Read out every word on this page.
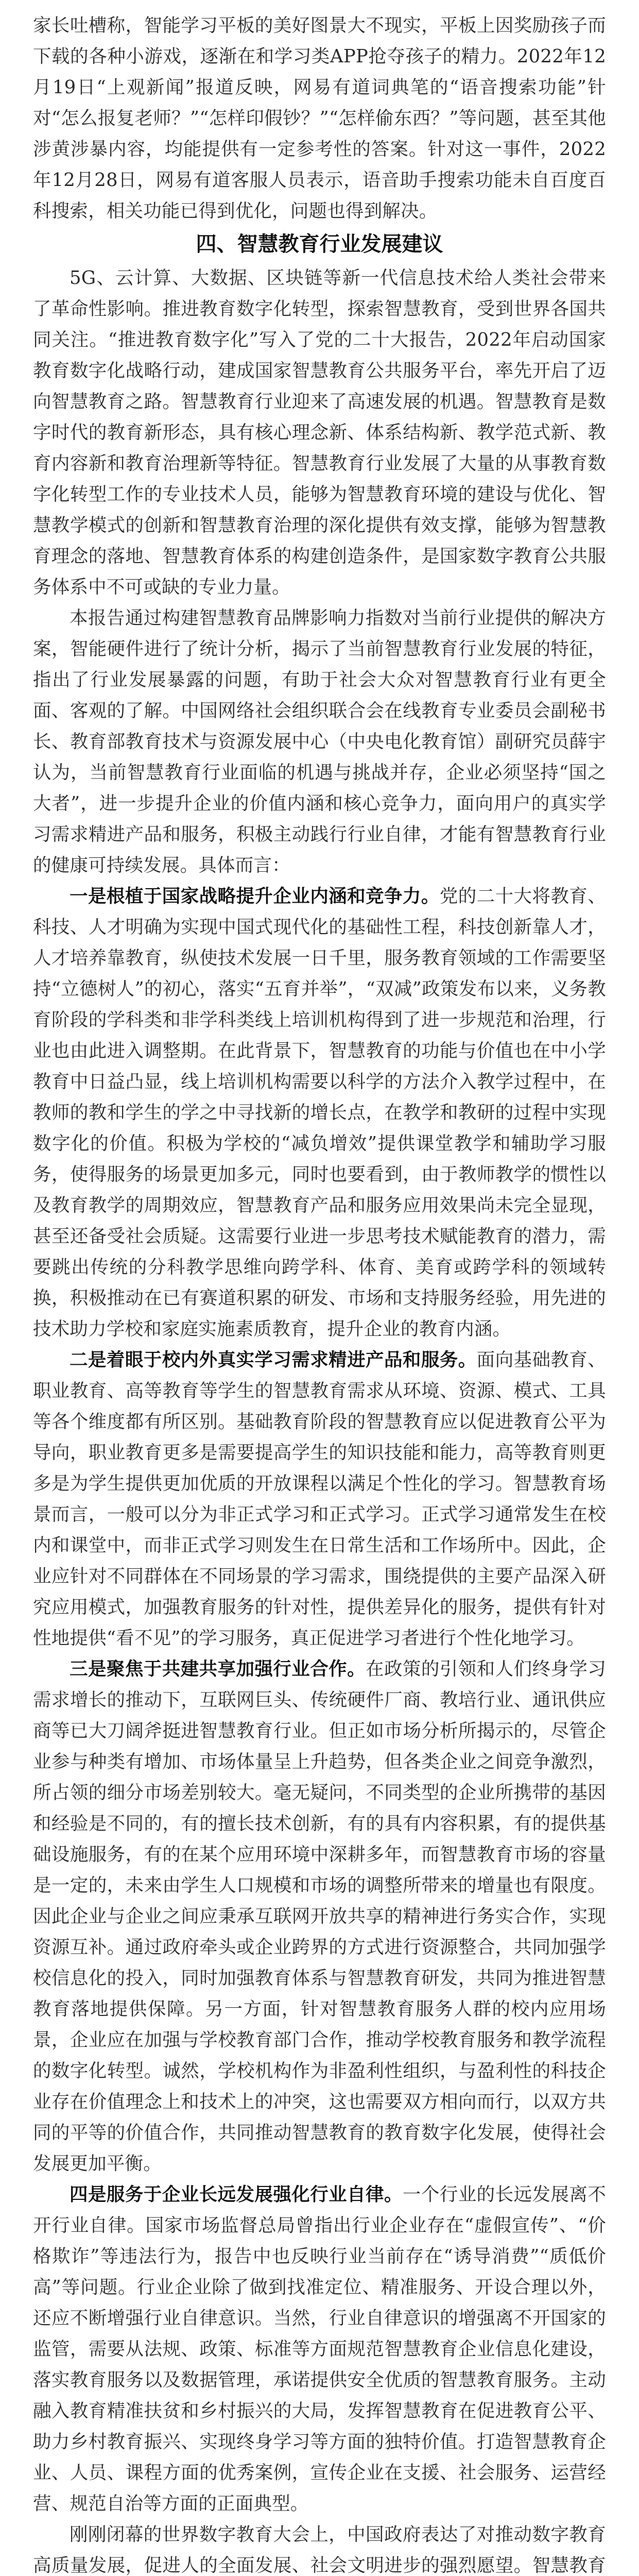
家长吐槽称，智能学习平板的美好图景大不现实，平板上因奖励孩子而下载的各种小游戏，逐渐在和学习类APP抢夺孩子的精力。2022年12月19日“上观新闻”报道反映，网易有道词典笔的“语音搜索功能”针对“怎么报复老师？”“怎样印假钞？”“怎样偷东西？”等问题，甚至其他涉黄涉暴内容，均能提供有一定参考性的答案。针对这一事件，2022年12月28日，网易有道客服人员表示，语音助手搜索功能未自百度百科搜索，相关功能已得到优化，问题也得到解决。

四、智慧教育行业发展建议

5G、云计算、大数据、区块链等新一代信息技术给人类社会带来了革命性影响。推进教育数字化转型，探索智慧教育，受到世界各国共同关注。“推进教育数字化”写入了党的二十大报告，2022年启动国家教育数字化战略行动，建成国家智慧教育公共服务平台，率先开启了迈向智慧教育之路。智慧教育行业迎来了高速发展的机遇。智慧教育是数字时代的教育新形态，具有核心理念新、体系结构新、教学范式新、教育内容新和教育治理新等特征。智慧教育行业发展了大量的从事教育数字化转型工作的专业技术人员，能够为智慧教育环境的建设与优化、智慧教学模式的创新和智慧教育治理的深化提供有效支撑，能够为智慧教育理念的落地、智慧教育体系的构建创造条件，是国家数字教育公共服务体系中不可或缺的专业力量。

本报告通过构建智慧教育品牌影响力指数对当前行业提供的解决方案，智能硬件进行了统计分析，揭示了当前智慧教育行业发展的特征，指出了行业发展暴露的问题，有助于社会大众对智慧教育行业有更全面、客观的了解。中国网络社会组织联合会在线教育专业委员会副秘书长、教育部教育技术与资源发展中心（中央电化教育馆）副研究员薛宇认为，当前智慧教育行业面临的机遇与挑战并存，企业必须坚持“国之大者”，进一步提升企业的价值内涵和核心竞争力，面向用户的真实学习需求精进产品和服务，积极主动践行行业自律，才能有智慧教育行业的健康可持续发展。具体而言：

一是根植于国家战略提升企业内涵和竞争力。党的二十大将教育、科技、人才明确为实现中国式现代化的基础性工程，科技创新靠人才，人才培养靠教育，纵使技术发展一日千里，服务教育领域的工作需要坚持“立德树人”的初心，落实“五育并举”，“双减”政策发布以来，义务教育阶段的学科类和非学科类线上培训机构得到了进一步规范和治理，行业也由此进入调整期。在此背景下，智慧教育的功能与价值也在中小学教育中日益凸显，线上培训机构需要以科学的方法介入教学过程中，在教师的教和学生的学之中寻找新的增长点，在教学和教研的过程中实现数字化的价值。积极为学校的“减负增效”提供课堂教学和辅助学习服务，使得服务的场景更加多元，同时也要看到，由于教师教学的惯性以及教育教学的周期效应，智慧教育产品和服务应用效果尚未完全显现，甚至还备受社会质疑。这需要行业进一步思考技术赋能教育的潜力，需要跳出传统的分科教学思维向跨学科、体育、美育或跨学科的领域转换，积极推动在已有赛道积累的研发、市场和支持服务经验，用先进的技术助力学校和家庭实施素质教育，提升企业的教育内涵。

二是着眼于校内外真实学习需求精进产品和服务。面向基础教育、职业教育、高等教育等学生的智慧教育需求从环境、资源、模式、工具等各个维度都有所区别。基础教育阶段的智慧教育应以促进教育公平为导向，职业教育更多是需要提高学生的知识技能和能力，高等教育则更多是为学生提供更加优质的开放课程以满足个性化的学习。智慧教育场景而言，一般可以分为非正式学习和正式学习。正式学习通常发生在校内和课堂中，而非正式学习则发生在日常生活和工作场所中。因此，企业应针对不同群体在不同场景的学习需求，围绕提供的主要产品深入研究应用模式，加强教育服务的针对性，提供差异化的服务，提供有针对性地提供“看不见”的学习服务，真正促进学习者进行个性化地学习。

三是聚焦于共建共享加强行业合作。在政策的引领和人们终身学习需求增长的推动下，互联网巨头、传统硬件厂商、教培行业、通讯供应商等已大刀阔斧挺进智慧教育行业。但正如市场分析所揭示的，尽管企业参与种类有增加、市场体量呈上升趋势，但各类企业之间竞争激烈，所占领的细分市场差别较大。毫无疑问，不同类型的企业所携带的基因和经验是不同的，有的擅长技术创新，有的具有内容积累，有的提供基础设施服务，有的在某个应用环境中深耕多年，而智慧教育市场的容量是一定的，未来由学生人口规模和市场的调整所带来的增量也有限度。因此企业与企业之间应秉承互联网开放共享的精神进行务实合作，实现资源互补。通过政府牵头或企业跨界的方式进行资源整合，共同加强学校信息化的投入，同时加强教育体系与智慧教育研发，共同为推进智慧教育落地提供保障。另一方面，针对智慧教育服务人群的校内应用场景，企业应在加强与学校教育部门合作，推动学校教育服务和教学流程的数字化转型。诚然，学校机构作为非盈利性组织，与盈利性的科技企业存在价值理念上和技术上的冲突，这也需要双方相向而行，以双方共同的平等的价值合作，共同推动智慧教育的教育数字化发展，使得社会发展更加平衡。

四是服务于企业长远发展强化行业自律。一个行业的长远发展离不开行业自律。国家市场监督总局曾指出行业企业存在“虚假宣传”、“价格欺诈”等违法行为，报告中也反映行业当前存在“诱导消费”“质低价高”等问题。行业企业除了做到找准定位、精准服务、开设合理以外，还应不断增强行业自律意识。当然，行业自律意识的增强离不开国家的监管，需要从法规、政策、标准等方面规范智慧教育企业信息化建设，落实教育服务以及数据管理，承诺提供安全优质的智慧教育服务。主动融入教育精准扶贫和乡村振兴的大局，发挥智慧教育在促进教育公平、助力乡村教育振兴、实现终身学习等方面的独特价值。打造智慧教育企业、人员、课程方面的优秀案例，宣传企业在支援、社会服务、运营经营、规范自治等方面的正面典型。

刚刚闭幕的世界数字教育大会上，中国政府表达了对推动数字教育高质量发展，促进人的全面发展、社会文明进步的强烈愿望。智慧教育
